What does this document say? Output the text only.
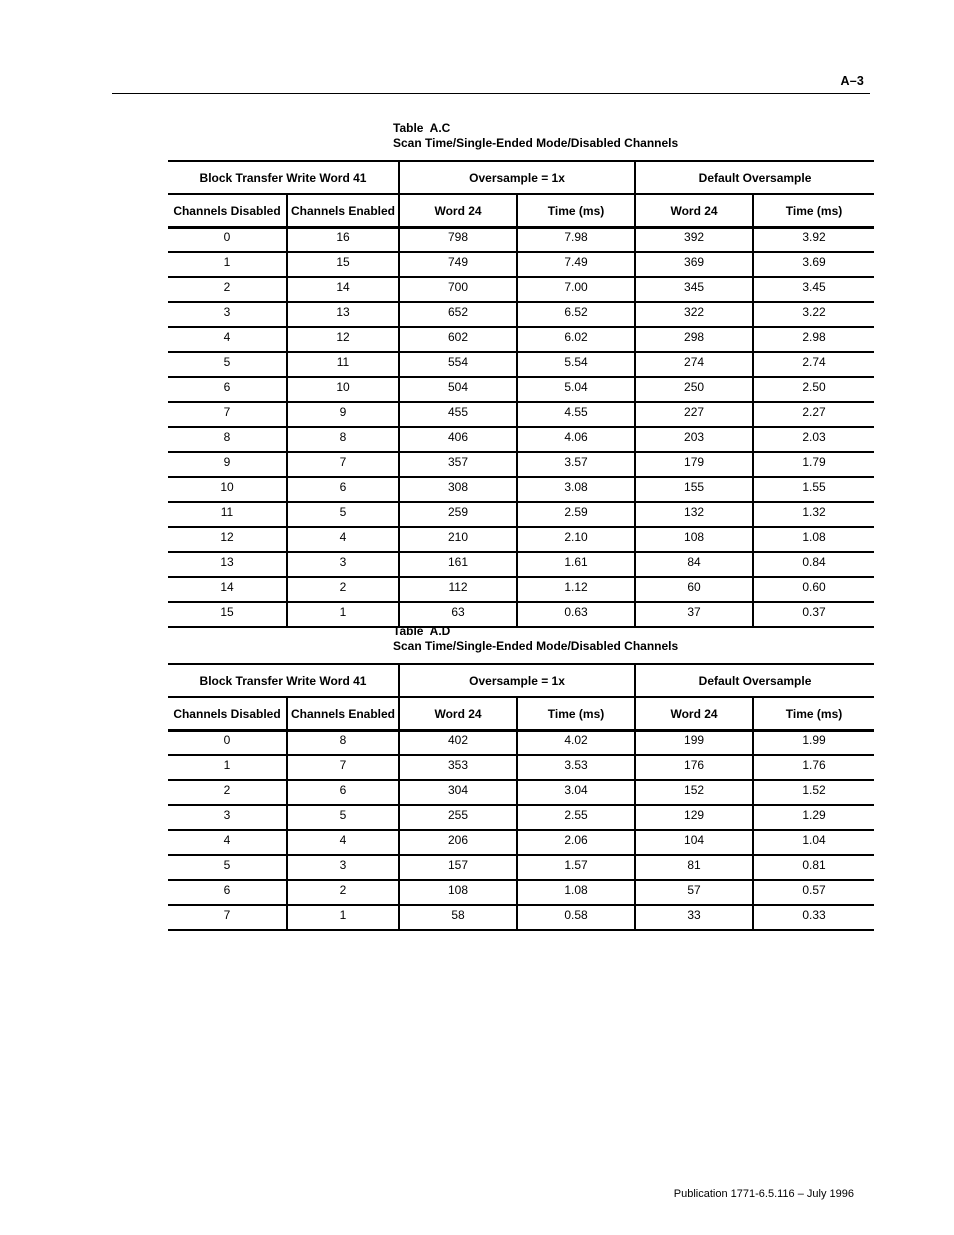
A–3
Table  A.C
Scan Time/Single-Ended Mode/Disabled Channels
Block Transfer Write Word 41		Oversample = 1x		Default Oversample	
Channels Disabled	Channels Enabled	Word 24	Time (ms)	Word 24	Time (ms)
0	16	798	7.98	392	3.92
1	15	749	7.49	369	3.69
2	14	700	7.00	345	3.45
3	13	652	6.52	322	3.22
4	12	602	6.02	298	2.98
5	11	554	5.54	274	2.74
6	10	504	5.04	250	2.50
7	9	455	4.55	227	2.27
8	8	406	4.06	203	2.03
9	7	357	3.57	179	1.79
10	6	308	3.08	155	1.55
11	5	259	2.59	132	1.32
12	4	210	2.10	108	1.08
13	3	161	1.61	84	0.84
14	2	112	1.12	60	0.60
15	1	63	0.63	37	0.37
Table  A.D
Scan Time/Single-Ended Mode/Disabled Channels
Block Transfer Write Word 41		Oversample = 1x		Default Oversample	
Channels Disabled	Channels Enabled	Word 24	Time (ms)	Word 24	Time (ms)
0	8	402	4.02	199	1.99
1	7	353	3.53	176	1.76
2	6	304	3.04	152	1.52
3	5	255	2.55	129	1.29
4	4	206	2.06	104	1.04
5	3	157	1.57	81	0.81
6	2	108	1.08	57	0.57
7	1	58	0.58	33	0.33
Publication 1771-6.5.116 – July 1996
